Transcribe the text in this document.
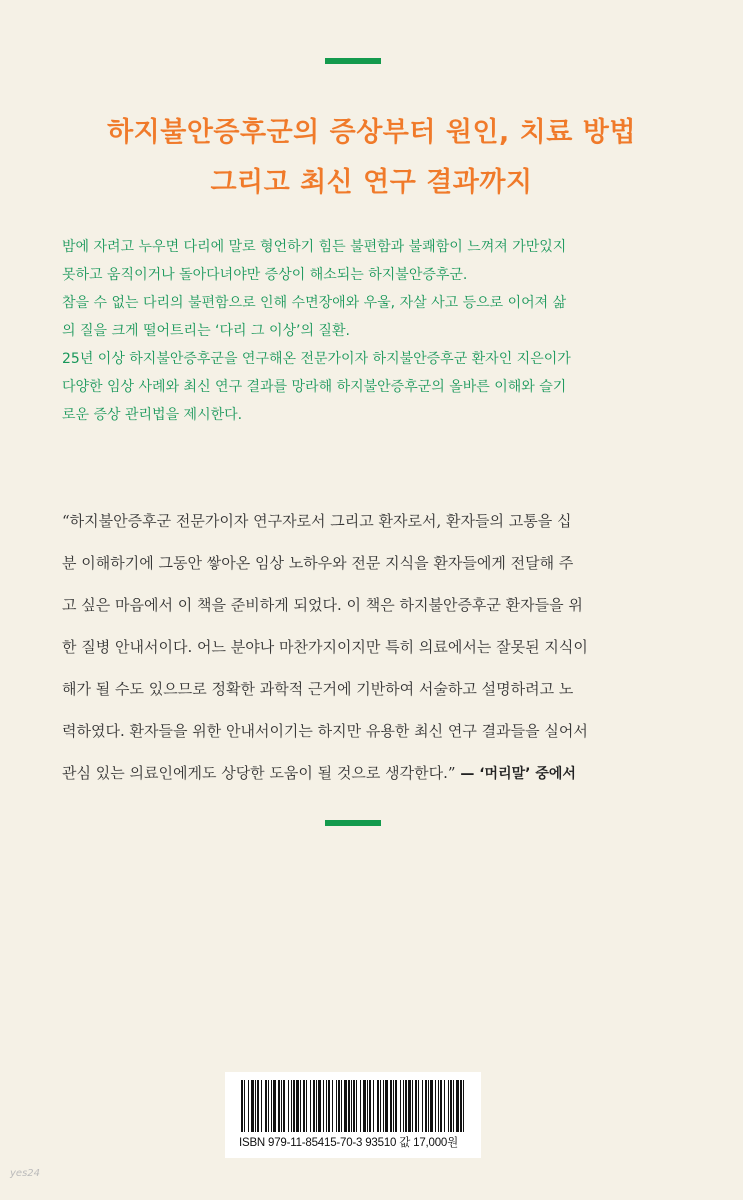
하지불안증후군의 증상부터 원인, 치료 방법
그리고 최신 연구 결과까지

밤에 자려고 누우면 다리에 말로 형언하기 힘든 불편함과 불쾌함이 느껴져 가만있지
못하고 움직이거나 돌아다녀야만 증상이 해소되는 하지불안증후군.
참을 수 없는 다리의 불편함으로 인해 수면장애와 우울, 자살 사고 등으로 이어져 삶
의 질을 크게 떨어트리는 ‘다리 그 이상’의 질환.
25년 이상 하지불안증후군을 연구해온 전문가이자 하지불안증후군 환자인 지은이가
다양한 임상 사례와 최신 연구 결과를 망라해 하지불안증후군의 올바른 이해와 슬기
로운 증상 관리법을 제시한다.

“하지불안증후군 전문가이자 연구자로서 그리고 환자로서, 환자들의 고통을 십
분 이해하기에 그동안 쌓아온 임상 노하우와 전문 지식을 환자들에게 전달해 주
고 싶은 마음에서 이 책을 준비하게 되었다. 이 책은 하지불안증후군 환자들을 위
한 질병 안내서이다. 어느 분야나 마찬가지이지만 특히 의료에서는 잘못된 지식이
해가 될 수도 있으므로 정확한 과학적 근거에 기반하여 서술하고 설명하려고 노
력하였다. 환자들을 위한 안내서이기는 하지만 유용한 최신 연구 결과들을 실어서
관심 있는 의료인에게도 상당한 도움이 될 것으로 생각한다.” — ‘머리말’ 중에서
ISBN 979-11-85415-70-3 93510 값 17,000원
yes24
